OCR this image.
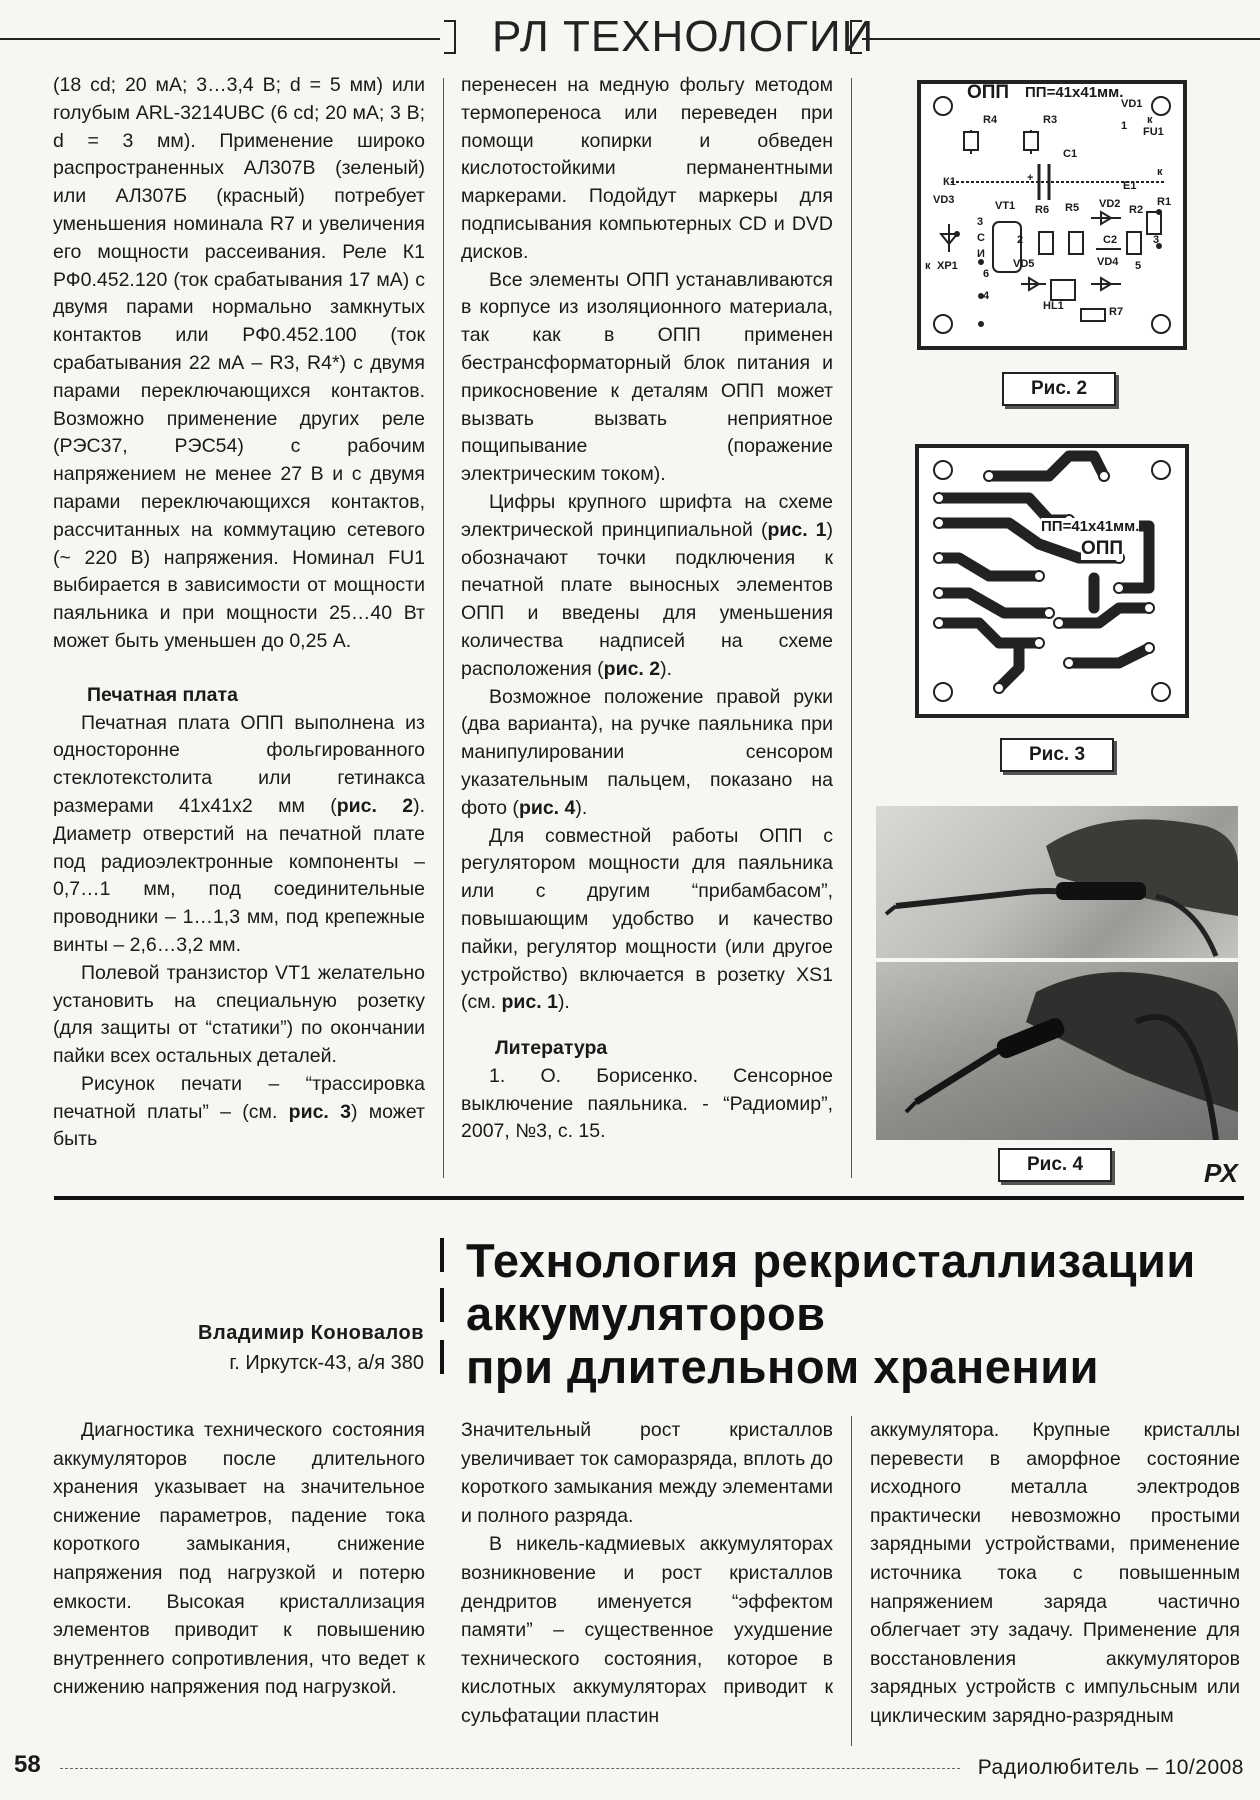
РЛ ТЕХНОЛОГИИ

(18 cd; 20 мА; 3…3,4 В; d = 5 мм) или голубым ARL-3214UBC (6 cd; 20 мА; 3 В; d = 3 мм). Применение широко распространенных АЛ307В (зеленый) или АЛ307Б (красный) потребует уменьшения номинала R7 и увеличения его мощности рассеивания. Реле К1 РФ0.452.120 (ток срабатывания 17 мА) с двумя парами нормально замкнутых контактов или РФ0.452.100 (ток срабатывания 22 мА – R3, R4*) с двумя парами переключающихся контактов. Возможно применение других реле (РЭС37, РЭС54) с рабочим напряжением не менее 27 В и с двумя парами переключающихся контактов, рассчитанных на коммутацию сетевого (~ 220 В) напряжения. Номинал FU1 выбирается в зависимости от мощности паяльника и при мощности 25…40 Вт может быть уменьшен до 0,25 А.

Печатная плата

Печатная плата ОПП выполнена из односторонне фольгированного стеклотекстолита или гетинакса размерами 41x41x2 мм (рис. 2). Диаметр отверстий на печатной плате под радиоэлектронные компоненты – 0,7…1 мм, под соединительные проводники – 1…1,3 мм, под крепежные винты – 2,6…3,2 мм.

Полевой транзистор VT1 желательно установить на специальную розетку (для защиты от “статики”) по окончании пайки всех остальных деталей.

Рисунок печати – “трассировка печатной платы” – (см. рис. 3) может быть

перенесен на медную фольгу методом термопереноса или переведен при помощи копирки и обведен кислотостойкими перманентными маркерами. Подойдут маркеры для подписывания компьютерных CD и DVD дисков.

Все элементы ОПП устанавливаются в корпусе из изоляционного материала, так как в ОПП применен бестрансформаторный блок питания и прикосновение к деталям ОПП может вызвать вызвать неприятное пощипывание (поражение электрическим током).

Цифры крупного шрифта на схеме электрической принципиальной (рис. 1) обозначают точки подключения к печатной плате выносных элементов ОПП и введены для уменьшения количества надписей на схеме расположения (рис. 2).

Возможное положение правой руки (два варианта), на ручке паяльника при манипулировании сенсором указательным пальцем, показано на фото (рис. 4).

Для совместной работы ОПП с регулятором мощности для паяльника или с другим “прибамбасом”, повышающим удобство и качество пайки, регулятор мощности (или другое устройство) включается в розетку XS1 (см. рис. 1).

Литература

1. О. Борисенко. Сенсорное выключение паяльника. - “Радиомир”, 2007, №3, с. 15.

ОПП ПП=41x41мм.
R4	R3
VD1
к
1 FU1
C1
К1	+	к
E1
VD3	VT1 R6 R5 VD2 R2
R1
3
С
И
C2
к XP1
6
VD5	VD4 5
2
4
HL1	R7
3
Рис. 2
ПП=41x41мм.
ОПП
Рис. 3
Рис. 4	РХ
Технология рекристаллизации
аккумуляторов
при длительном хранении
Владимир Коновалов
г. Иркутск-43, а/я 380

Диагностика технического состояния аккумуляторов после длительного хранения указывает на значительное снижение параметров, падение тока короткого замыкания, снижение напряжения под нагрузкой и потерю емкости. Высокая кристаллизация элементов приводит к повышению внутреннего сопротивления, что ведет к снижению напряжения под нагрузкой.

Значительный рост кристаллов увеличивает ток саморазряда, вплоть до короткого замыкания между элементами и полного разряда.

В никель-кадмиевых аккумуляторах возникновение и рост кристаллов дендритов именуется “эффектом памяти” – существенное ухудшение технического состояния, которое в кислотных аккумуляторах приводит к сульфатации пластин

аккумулятора. Крупные кристаллы перевести в аморфное состояние исходного металла электродов практически невозможно простыми зарядными устройствами, применение источника тока с повышенным напряжением заряда частично облегчает эту задачу. Применение для восстановления аккумуляторов зарядных устройств с импульсным или циклическим зарядно-разрядным

58	Радиолюбитель – 10/2008
